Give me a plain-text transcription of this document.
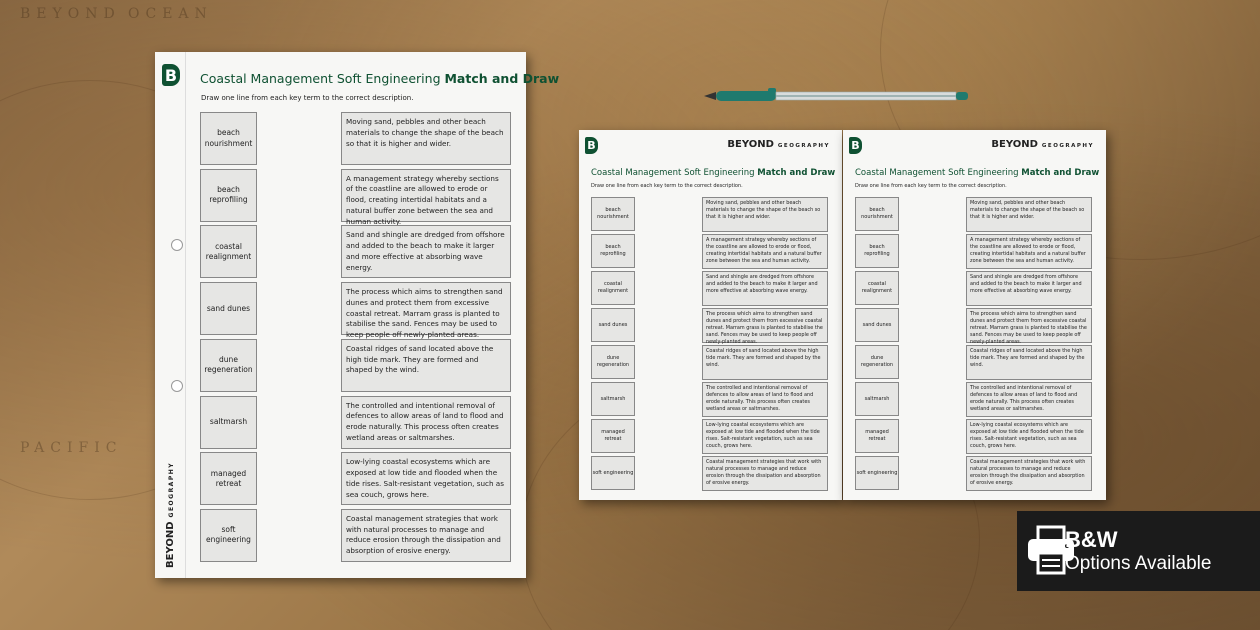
OCEAN
PACIFIC
BEYOND
B
BEYONDGEOGRAPHY
Coastal Management Soft Engineering Match and Draw
Draw one line from each key term to the correct description.
beach nourishment
Moving sand, pebbles and other beach materials to change the shape of the beach so that it is higher and wider.
beach reprofiling
A management strategy whereby sections of the coastline are allowed to erode or flood, creating intertidal habitats and a natural buffer zone between the sea and human activity.
coastal realignment
Sand and shingle are dredged from offshore and added to the beach to make it larger and more effective at absorbing wave energy.
sand dunes
The process which aims to strengthen sand dunes and protect them from excessive coastal retreat. Marram grass is planted to stabilise the sand. Fences may be used to keep people off newly-planted areas.
dune regeneration
Coastal ridges of sand located above the high tide mark. They are formed and shaped by the wind.
saltmarsh
The controlled and intentional removal of defences to allow areas of land to flood and erode naturally. This process often creates wetland areas or saltmarshes.
managed retreat
Low-lying coastal ecosystems which are exposed at low tide and flooded when the tide rises. Salt-resistant vegetation, such as sea couch, grows here.
soft engineering
Coastal management strategies that work with natural processes to manage and reduce erosion through the dissipation and absorption of erosive energy.
B	BEYOND GEOGRAPHY
Coastal Management Soft Engineering Match and Draw
Draw one line from each key term to the correct description.
beach nourishment
Moving sand, pebbles and other beach materials to change the shape of the beach so that it is higher and wider.
beach reprofiling
A management strategy whereby sections of the coastline are allowed to erode or flood, creating intertidal habitats and a natural buffer zone between the sea and human activity.
coastal realignment
Sand and shingle are dredged from offshore and added to the beach to make it larger and more effective at absorbing wave energy.
sand dunes
The process which aims to strengthen sand dunes and protect them from excessive coastal retreat. Marram grass is planted to stabilise the sand. Fences may be used to keep people off newly-planted areas.
dune regeneration
Coastal ridges of sand located above the high tide mark. They are formed and shaped by the wind.
saltmarsh
The controlled and intentional removal of defences to allow areas of land to flood and erode naturally. This process often creates wetland areas or saltmarshes.
managed retreat
Low-lying coastal ecosystems which are exposed at low tide and flooded when the tide rises. Salt-resistant vegetation, such as sea couch, grows here.
soft engineering
Coastal management strategies that work with natural processes to manage and reduce erosion through the dissipation and absorption of erosive energy.
B	BEYOND GEOGRAPHY
Coastal Management Soft Engineering Match and Draw
Draw one line from each key term to the correct description.
beach nourishment
Moving sand, pebbles and other beach materials to change the shape of the beach so that it is higher and wider.
beach reprofiling
A management strategy whereby sections of the coastline are allowed to erode or flood, creating intertidal habitats and a natural buffer zone between the sea and human activity.
coastal realignment
Sand and shingle are dredged from offshore and added to the beach to make it larger and more effective at absorbing wave energy.
sand dunes
The process which aims to strengthen sand dunes and protect them from excessive coastal retreat. Marram grass is planted to stabilise the sand. Fences may be used to keep people off newly-planted areas.
dune regeneration
Coastal ridges of sand located above the high tide mark. They are formed and shaped by the wind.
saltmarsh
The controlled and intentional removal of defences to allow areas of land to flood and erode naturally. This process often creates wetland areas or saltmarshes.
managed retreat
Low-lying coastal ecosystems which are exposed at low tide and flooded when the tide rises. Salt-resistant vegetation, such as sea couch, grows here.
soft engineering
Coastal management strategies that work with natural processes to manage and reduce erosion through the dissipation and absorption of erosive energy.
B&W
Options Available
